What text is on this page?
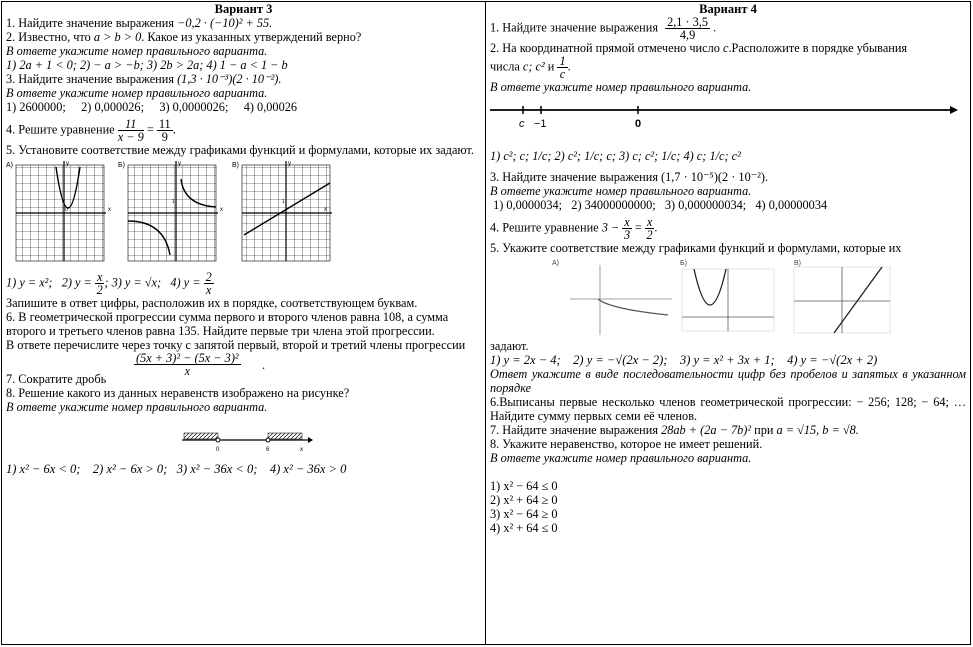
Вариант 3
1. Найдите значение выражения −0,2 · (−10)² + 55.
2. Известно, что a > b > 0. Какое из указанных утверждений верно?
В ответе укажите номер правильного варианта.
1) 2a + 1 < 0; 2) − a > −b; 3) 2b > 2a; 4) 1 − a < 1 − b
3. Найдите значение выражения (1,3 · 10⁻³)(2 · 10⁻²).
В ответе укажите номер правильного варианта.
1) 2600000;     2) 0,000026;     3) 0,0000026;     4) 0,00026
4. Решите уравнение $\frac{11}{x - 9} = \frac{11}{9}$ .
5. Установите соответствие между графиками функций и формулами, которые их задают.
А)
x
y
0
Б)
x
y
1
В)
x
y
1
1) y = x²; 2) $y = \frac{x}{2}$ ; 3) y = √x; 4) $y = \frac{2}{x}$
Запишите в ответ цифры, расположив их в порядке, соответствующем буквам.
6. В геометрической прогрессии сумма первого и второго членов равна 108, а сумма второго и третьего членов равна 135. Найдите первые три члена этой прогрессии.
В ответе перечислите через точку с запятой первый, второй и третий члены прогрессии
$\frac{\text{(5x + 3)² − (5x − 3)²}}{x}$ .
7. Сократите дробь
8. Решение какого из данных неравенств изображено на рисунке?
В ответе укажите номер правильного варианта.
0	6	x
1) x² − 6x < 0; 2) x² − 6x > 0; 3) x² − 36x < 0; 4) x² − 36x > 0

Вариант 4
1. Найдите значение выражения $\frac{2,1 \cdot 3,5}{4,9}$ .
2. На координатной прямой отмечено число c.Расположите в порядке убывания
числа c; c² и $\frac{1}{c}$ .
В ответе укажите номер правильного варианта.
c −1	0
1) c²; c; 1/c; 2) c²; 1/c; c; 3) c; c²; 1/c; 4) c; 1/c; c²
3. Найдите значение выражения (1,7 · 10⁻⁵)(2 · 10⁻²).
В ответе укажите номер правильного варианта.
1) 0,0000034;   2) 34000000000;   3) 0,000000034;   4) 0,00000034
4. Решите уравнение $3 - \frac{x}{3} = \frac{x}{2}$ .
5. Укажите соответствие между графиками функций и формулами, которые их
А)	Б)	В)
задают.
1) y = 2x − 4;    2) y = −√(2x − 2);    3) y = x² + 3x + 1;    4) y = −√(2x + 2)
Ответ укажите в виде последовательности цифр без пробелов и запятых в указанном порядке
6.Выписаны первые несколько членов геометрической прогрессии: − 256; 128; − 64; … Найдите сумму первых семи её членов.
7. Найдите значение выражения 28ab + (2a − 7b)² при a = √15, b = √8.
8. Укажите неравенство, которое не имеет решений.
В ответе укажите номер правильного варианта.
1) x² − 64 ≤ 0
2) x² + 64 ≥ 0
3) x² − 64 ≥ 0
4) x² + 64 ≤ 0
